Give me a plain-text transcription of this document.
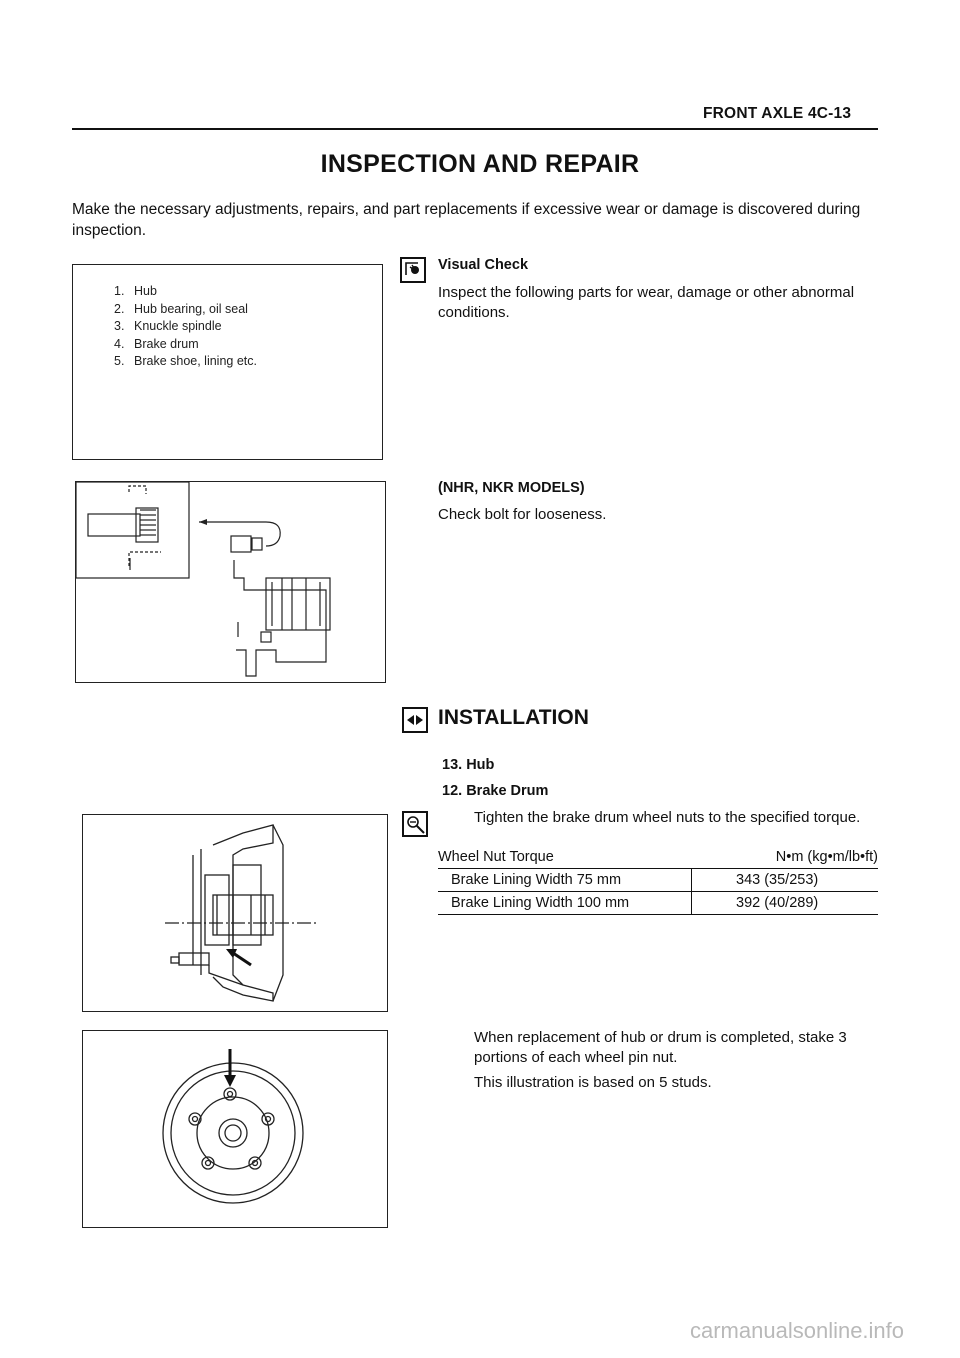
FRONT AXLE 4C-13
INSPECTION AND REPAIR
Make the necessary adjustments, repairs, and part replacements if excessive wear or damage is discovered during inspection.
1. Hub
2. Hub bearing, oil seal
3. Knuckle spindle
4. Brake drum
5. Brake shoe, lining etc.
Visual Check
Inspect the following parts for wear, damage or other abnormal conditions.
(NHR, NKR MODELS)
Check bolt for looseness.
INSTALLATION
13. Hub
12. Brake Drum
Tighten the brake drum wheel nuts to the specified torque.
Wheel Nut Torque	N•m (kg•m/lb•ft)
Brake Lining Width 75 mm	343 (35/253)
Brake Lining Width 100 mm	392 (40/289)
When replacement of hub or drum is completed, stake 3 portions of each wheel pin nut.
This illustration is based on 5 studs.
carmanualsonline.info
